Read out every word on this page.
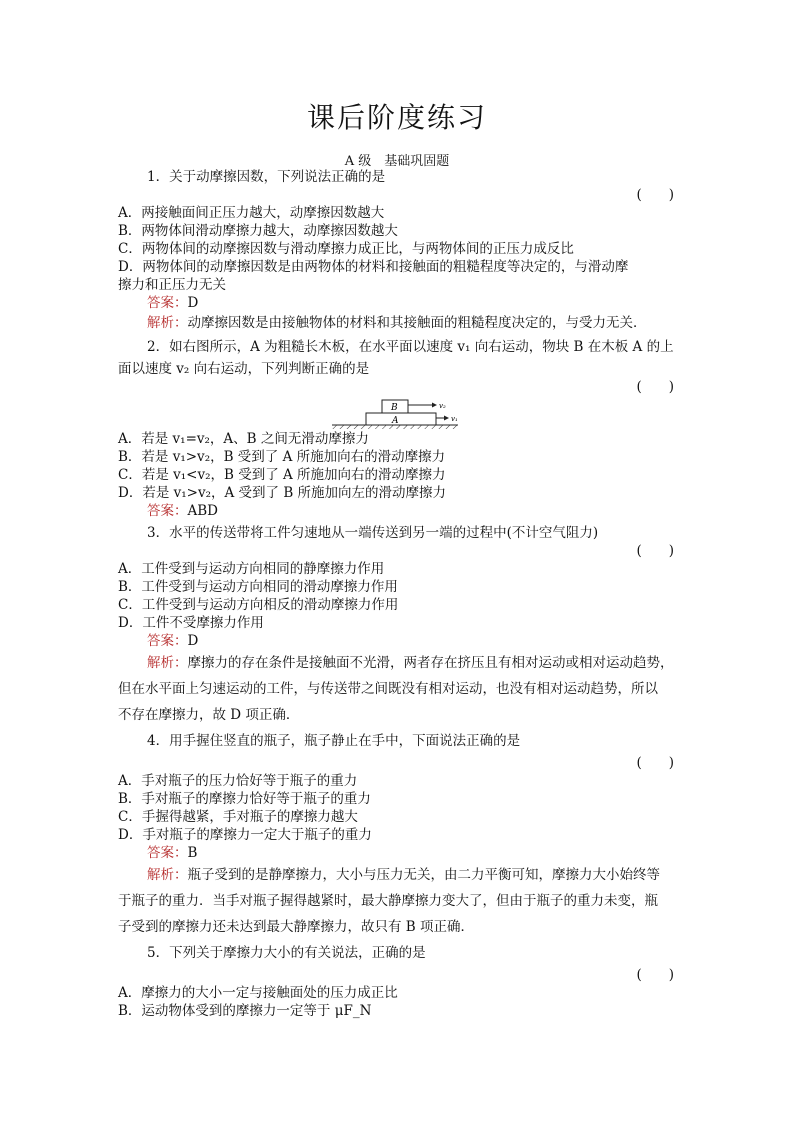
课后阶度练习
A 级　基础巩固题
1．关于动摩擦因数，下列说法正确的是
(　　)
A．两接触面间正压力越大，动摩擦因数越大
B．两物体间滑动摩擦力越大，动摩擦因数越大
C．两物体间的动摩擦因数与滑动摩擦力成正比，与两物体间的正压力成反比
D．两物体间的动摩擦因数是由两物体的材料和接触面的粗糙程度等决定的，与滑动摩
擦力和正压力无关
答案：D
解析：动摩擦因数是由接触物体的材料和其接触面的粗糙程度决定的，与受力无关．
2．如右图所示，A 为粗糙长木板，在水平面以速度 v₁ 向右运动，物块 B 在木板 A 的上
面以速度 v₂ 向右运动，下列判断正确的是
(　　)
A
B	v₂
v₁
A．若是 v₁=v₂，A、B 之间无滑动摩擦力
B．若是 v₁>v₂，B 受到了 A 所施加向右的滑动摩擦力
C．若是 v₁<v₂，B 受到了 A 所施加向右的滑动摩擦力
D．若是 v₁>v₂，A 受到了 B 所施加向左的滑动摩擦力
答案：ABD
3．水平的传送带将工件匀速地从一端传送到另一端的过程中(不计空气阻力)
(　　)
A．工件受到与运动方向相同的静摩擦力作用
B．工件受到与运动方向相同的滑动摩擦力作用
C．工件受到与运动方向相反的滑动摩擦力作用
D．工件不受摩擦力作用
答案：D
解析：摩擦力的存在条件是接触面不光滑，两者存在挤压且有相对运动或相对运动趋势，
但在水平面上匀速运动的工件，与传送带之间既没有相对运动，也没有相对运动趋势，所以
不存在摩擦力，故 D 项正确．
4．用手握住竖直的瓶子，瓶子静止在手中，下面说法正确的是
(　　)
A．手对瓶子的压力恰好等于瓶子的重力
B．手对瓶子的摩擦力恰好等于瓶子的重力
C．手握得越紧，手对瓶子的摩擦力越大
D．手对瓶子的摩擦力一定大于瓶子的重力
答案：B
解析：瓶子受到的是静摩擦力，大小与压力无关，由二力平衡可知，摩擦力大小始终等
于瓶子的重力．当手对瓶子握得越紧时，最大静摩擦力变大了，但由于瓶子的重力未变，瓶
子受到的摩擦力还未达到最大静摩擦力，故只有 B 项正确．
5．下列关于摩擦力大小的有关说法，正确的是
(　　)
A．摩擦力的大小一定与接触面处的压力成正比
B．运动物体受到的摩擦力一定等于 μF_N
